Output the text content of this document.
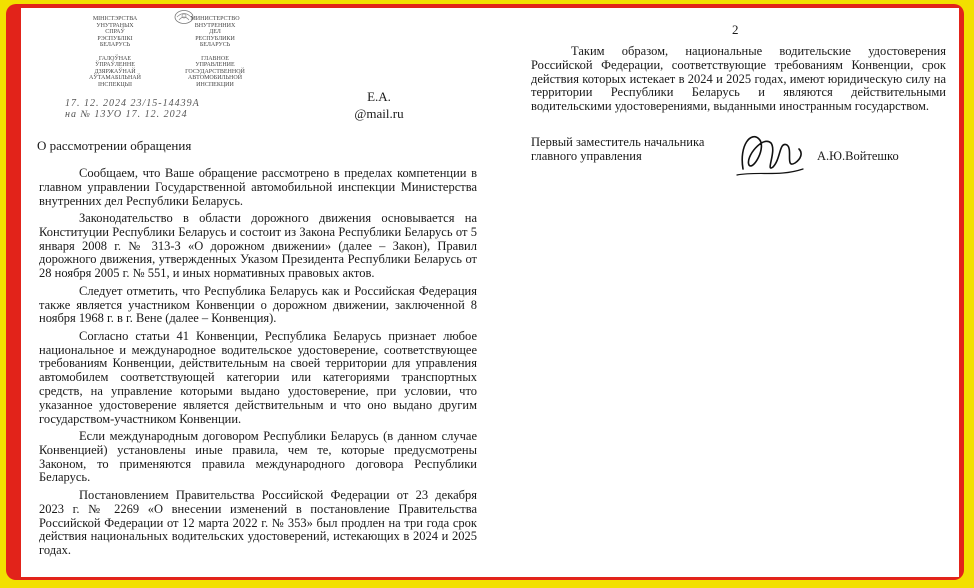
МІНІСТЭРСТВА
УНУТРАНЫХ
СПРАЎ
РЭСПУБЛІКІ
БЕЛАРУСЬ

ГАЛОЎНАЕ ЎПРАЎЛЕННЕ
ДЗЯРЖАЎНАЙ
АЎТАМАБІЛЬНАЙ
ІНСПЕКЦЫІ
МИНИСТЕРСТВО
ВНУТРЕННИХ
ДЕЛ
РЕСПУБЛИКИ
БЕЛАРУСЬ

ГЛАВНОЕ УПРАВЛЕНИЕ
ГОСУДАРСТВЕННОЙ
АВТОМОБИЛЬНОЙ
ИНСПЕКЦИИ
17. 12. 2024 23/15-14439А
на № 13УО 17. 12. 2024
Е.А.
@mail.ru
О рассмотрении обращения

Сообщаем, что Ваше обращение рассмотрено в пределах компетенции в главном управлении Государственной автомобильной инспекции Министерства внутренних дел Республики Беларусь.

Законодательство в области дорожного движения основывается на Конституции Республики Беларусь и состоит из Закона Республики Беларусь от 5 января 2008 г. № 313-З «О дорожном движении» (далее – Закон), Правил дорожного движения, утвержденных Указом Президента Республики Беларусь от 28 ноября 2005 г. № 551, и иных нормативных правовых актов.

Следует отметить, что Республика Беларусь как и Российская Федерация также является участником Конвенции о дорожном движении, заключенной 8 ноября 1968 г. в г. Вене (далее – Конвенция).

Согласно статьи 41 Конвенции, Республика Беларусь признает любое национальное и международное водительское удостоверение, соответствующее требованиям Конвенции, действительным на своей территории для управления автомобилем соответствующей категории или категориями транспортных средств, на управление которыми выдано удостоверение, при условии, что указанное удостоверение является действительным и что оно выдано другим государством-участником Конвенции.

Если международным договором Республики Беларусь (в данном случае Конвенцией) установлены иные правила, чем те, которые предусмотрены Законом, то применяются правила международного договора Республики Беларусь.

Постановлением Правительства Российской Федерации от 23 декабря 2023 г. № 2269 «О внесении изменений в постановление Правительства Российской Федерации от 12 марта 2022 г. № 353» был продлен на три года срок действия национальных водительских удостоверений, истекающих в 2024 и 2025 годах.

2

Таким образом, национальные водительские удостоверения Российской Федерации, соответствующие требованиям Конвенции, срок действия которых истекает в 2024 и 2025 годах, имеют юридическую силу на территории Республики Беларусь и являются действительными водительскими удостоверениями, выданными иностранным государством.

Первый заместитель начальника
главного управления	А.Ю.Войтешко
